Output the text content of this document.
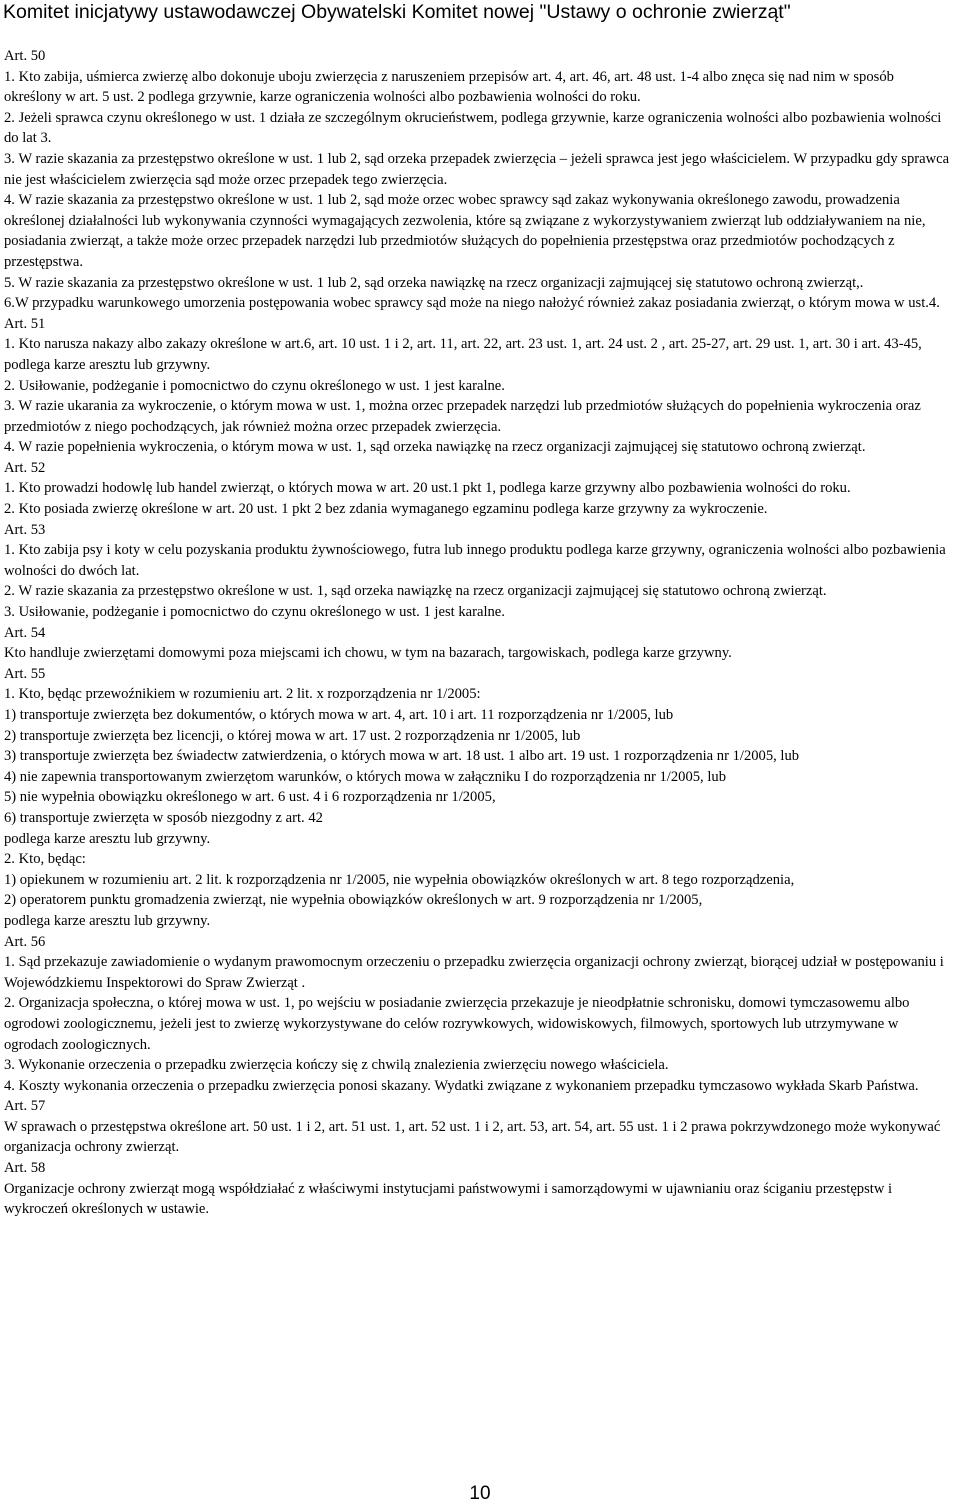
Komitet inicjatywy ustawodawczej Obywatelski Komitet nowej "Ustawy o ochronie zwierząt"

Art. 50

1. Kto zabija, uśmierca zwierzę albo dokonuje uboju zwierzęcia z naruszeniem przepisów art. 4, art. 46, art. 48 ust. 1-4 albo znęca się nad nim w sposób określony w art. 5 ust. 2 podlega grzywnie, karze ograniczenia wolności albo pozbawienia wolności do roku.

2. Jeżeli sprawca czynu określonego w ust. 1 działa ze szczególnym okrucieństwem, podlega grzywnie, karze ograniczenia wolności albo pozbawienia wolności do lat 3.

3. W razie skazania za przestępstwo określone w ust. 1 lub 2, sąd orzeka przepadek zwierzęcia – jeżeli sprawca jest jego właścicielem. W przypadku gdy sprawca nie jest właścicielem zwierzęcia sąd może orzec przepadek tego zwierzęcia.

4. W razie skazania za przestępstwo określone w ust. 1 lub 2, sąd może orzec wobec sprawcy sąd zakaz wykonywania określonego zawodu, prowadzenia określonej działalności lub wykonywania czynności wymagających zezwolenia, które są związane z wykorzystywaniem zwierząt lub oddziaływaniem na nie, posiadania zwierząt, a także może orzec przepadek narzędzi lub przedmiotów służących do popełnienia przestępstwa oraz przedmiotów pochodzących z przestępstwa.

5. W razie skazania za przestępstwo określone w ust. 1 lub 2, sąd orzeka nawiązkę na rzecz organizacji zajmującej się statutowo ochroną zwierząt,.

6.W przypadku warunkowego umorzenia postępowania wobec sprawcy sąd może na niego nałożyć również zakaz posiadania zwierząt, o którym mowa w ust.4.

Art. 51

1. Kto narusza nakazy albo zakazy określone w art.6, art. 10 ust. 1 i 2, art. 11, art. 22, art. 23 ust. 1, art. 24 ust. 2 , art. 25-27, art. 29 ust. 1, art. 30 i art. 43-45, podlega karze aresztu lub grzywny.

2. Usiłowanie, podżeganie i pomocnictwo do czynu określonego w ust. 1 jest karalne.

3. W razie ukarania za wykroczenie, o którym mowa w ust. 1, można orzec przepadek narzędzi lub przedmiotów służących do popełnienia wykroczenia oraz przedmiotów z niego pochodzących, jak również można orzec przepadek zwierzęcia.

4. W razie popełnienia wykroczenia, o którym mowa w ust. 1, sąd orzeka nawiązkę na rzecz organizacji zajmującej się statutowo ochroną zwierząt.

Art. 52

1. Kto prowadzi hodowlę lub handel zwierząt, o których mowa w art. 20 ust.1 pkt 1, podlega karze grzywny albo pozbawienia wolności do roku.

2. Kto posiada zwierzę określone w art. 20 ust. 1 pkt 2 bez zdania wymaganego egzaminu podlega karze grzywny za wykroczenie.

Art. 53

1. Kto zabija psy i koty w celu pozyskania produktu żywnościowego, futra lub innego produktu podlega karze grzywny, ograniczenia wolności albo pozbawienia wolności do dwóch lat.

2. W razie skazania za przestępstwo określone w ust. 1, sąd orzeka nawiązkę na rzecz organizacji zajmującej się statutowo ochroną zwierząt.

3. Usiłowanie, podżeganie i pomocnictwo do czynu określonego w ust. 1 jest karalne.

Art. 54

Kto handluje zwierzętami domowymi poza miejscami ich chowu, w tym na bazarach, targowiskach, podlega karze grzywny.

Art. 55

1. Kto, będąc przewoźnikiem w rozumieniu art. 2 lit. x rozporządzenia nr 1/2005:

1) transportuje zwierzęta bez dokumentów, o których mowa w art. 4, art. 10 i art. 11 rozporządzenia nr 1/2005, lub

2) transportuje zwierzęta bez licencji, o której mowa w art. 17 ust. 2 rozporządzenia nr 1/2005, lub

3) transportuje zwierzęta bez świadectw zatwierdzenia, o których mowa w art. 18 ust. 1 albo art. 19 ust. 1 rozporządzenia nr 1/2005, lub

4) nie zapewnia transportowanym zwierzętom warunków, o których mowa w załączniku I do rozporządzenia nr 1/2005, lub

5) nie wypełnia obowiązku określonego w art. 6 ust. 4 i 6 rozporządzenia nr 1/2005,

6) transportuje zwierzęta w sposób niezgodny z art. 42

podlega karze aresztu lub grzywny.

2. Kto, będąc:

1) opiekunem w rozumieniu art. 2 lit. k rozporządzenia nr 1/2005, nie wypełnia obowiązków określonych w art. 8 tego rozporządzenia,

2) operatorem punktu gromadzenia zwierząt, nie wypełnia obowiązków określonych w art. 9 rozporządzenia nr 1/2005,

podlega karze aresztu lub grzywny.

Art. 56

1. Sąd przekazuje zawiadomienie o wydanym prawomocnym orzeczeniu o przepadku zwierzęcia organizacji ochrony zwierząt, biorącej udział w postępowaniu i Wojewódzkiemu Inspektorowi do Spraw Zwierząt .

2. Organizacja społeczna, o której mowa w ust. 1, po wejściu w posiadanie zwierzęcia przekazuje je nieodpłatnie schronisku, domowi tymczasowemu albo ogrodowi zoologicznemu, jeżeli jest to zwierzę wykorzystywane do celów rozrywkowych, widowiskowych, filmowych, sportowych lub utrzymywane w ogrodach zoologicznych.

3. Wykonanie orzeczenia o przepadku zwierzęcia kończy się z chwilą znalezienia zwierzęciu nowego właściciela.

4. Koszty wykonania orzeczenia o przepadku zwierzęcia ponosi skazany. Wydatki związane z wykonaniem przepadku tymczasowo wykłada Skarb Państwa.

Art. 57

W sprawach o przestępstwa określone art. 50 ust. 1 i 2, art. 51 ust. 1, art. 52 ust. 1 i 2, art. 53, art. 54, art. 55 ust. 1 i 2 prawa pokrzywdzonego może wykonywać organizacja ochrony zwierząt.

Art. 58

Organizacje ochrony zwierząt mogą współdziałać z właściwymi instytucjami państwowymi i samorządowymi w ujawnianiu oraz ściganiu przestępstw i wykroczeń określonych w ustawie.

10
